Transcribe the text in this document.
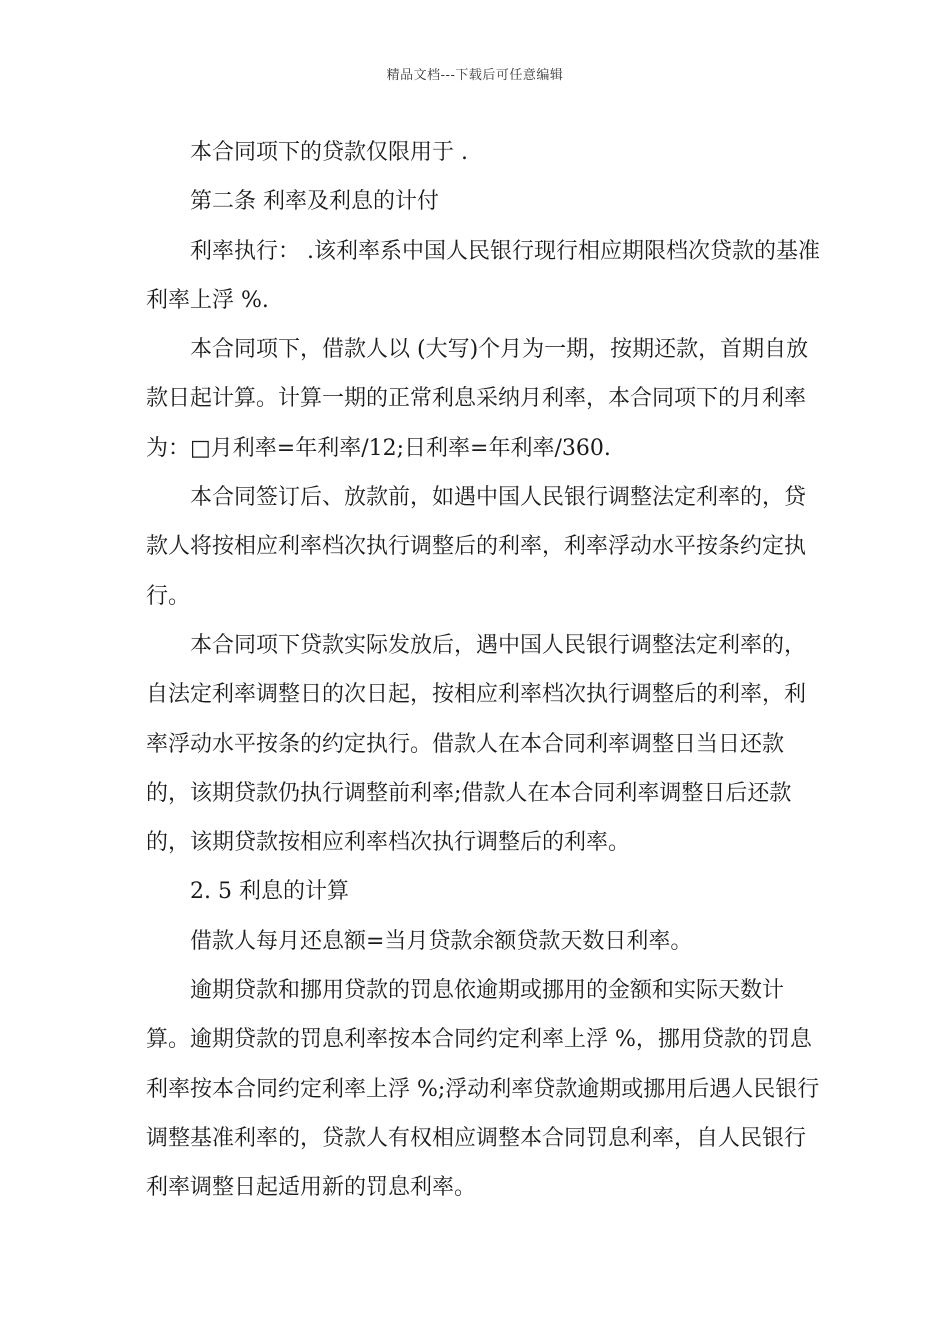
精品文档---下载后可任意编辑

本合同项下的贷款仅限用于 .

第二条 利率及利息的计付

利率执行： .该利率系中国人民银行现行相应期限档次贷款的基准利率上浮 %.

本合同项下，借款人以 (大写)个月为一期，按期还款，首期自放款日起计算。计算一期的正常利息采纳月利率，本合同项下的月利率为：□月利率=年利率/12;日利率=年利率/360.

本合同签订后、放款前，如遇中国人民银行调整法定利率的，贷款人将按相应利率档次执行调整后的利率，利率浮动水平按条约定执行。

本合同项下贷款实际发放后，遇中国人民银行调整法定利率的，自法定利率调整日的次日起，按相应利率档次执行调整后的利率，利率浮动水平按条的约定执行。借款人在本合同利率调整日当日还款的，该期贷款仍执行调整前利率;借款人在本合同利率调整日后还款的，该期贷款按相应利率档次执行调整后的利率。

2. 5 利息的计算

借款人每月还息额=当月贷款余额贷款天数日利率。

逾期贷款和挪用贷款的罚息依逾期或挪用的金额和实际天数计算。逾期贷款的罚息利率按本合同约定利率上浮 %，挪用贷款的罚息利率按本合同约定利率上浮 %;浮动利率贷款逾期或挪用后遇人民银行调整基准利率的，贷款人有权相应调整本合同罚息利率，自人民银行利率调整日起适用新的罚息利率。
